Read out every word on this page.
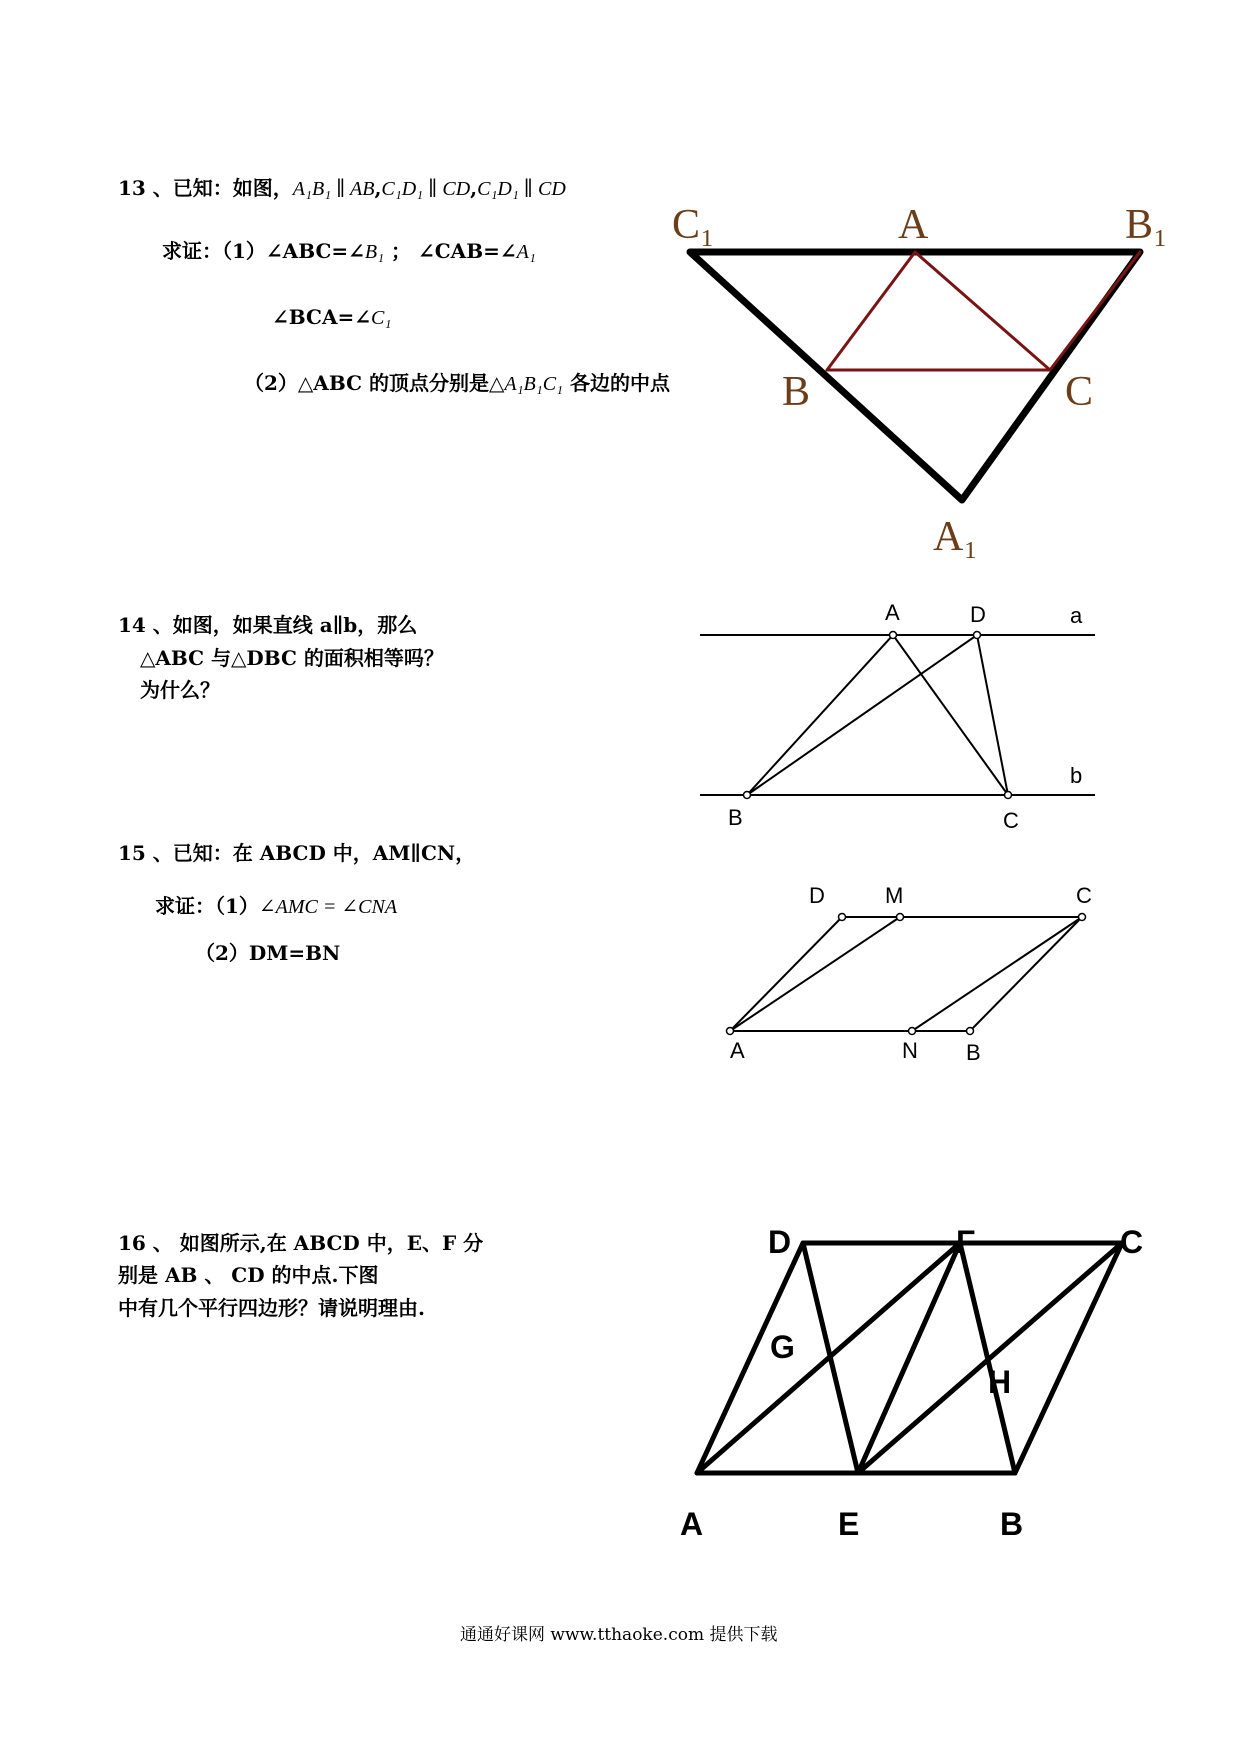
13 、已知：如图，A₁B₁ ∥ AB,C₁D₁ ∥ CD,C₁D₁ ∥ CD
求证：（1）∠ABC=∠B₁ ； ∠CAB=∠A₁
∠BCA=∠C₁
（2）△ABC 的顶点分别是△A₁B₁C₁ 各边的中点
C₁	A	B₁
B	C
A₁
14 、如图，如果直线 a∥b，那么
△ABC 与△DBC 的面积相等吗？
为什么？
A	D	a
b
B	C
15 、已知：在 ABCD 中，AM∥CN，
求证：（1）∠AMC = ∠CNA
（2）DM=BN
D	M	C
A	N B
16 、 如图所示,在 ABCD 中，E、F 分
别是 AB 、 CD 的中点.下图
中有几个平行四边形？请说明理由.
D	F	C
G
H
A	E	B
通通好课网 www.tthaoke.com 提供下载
